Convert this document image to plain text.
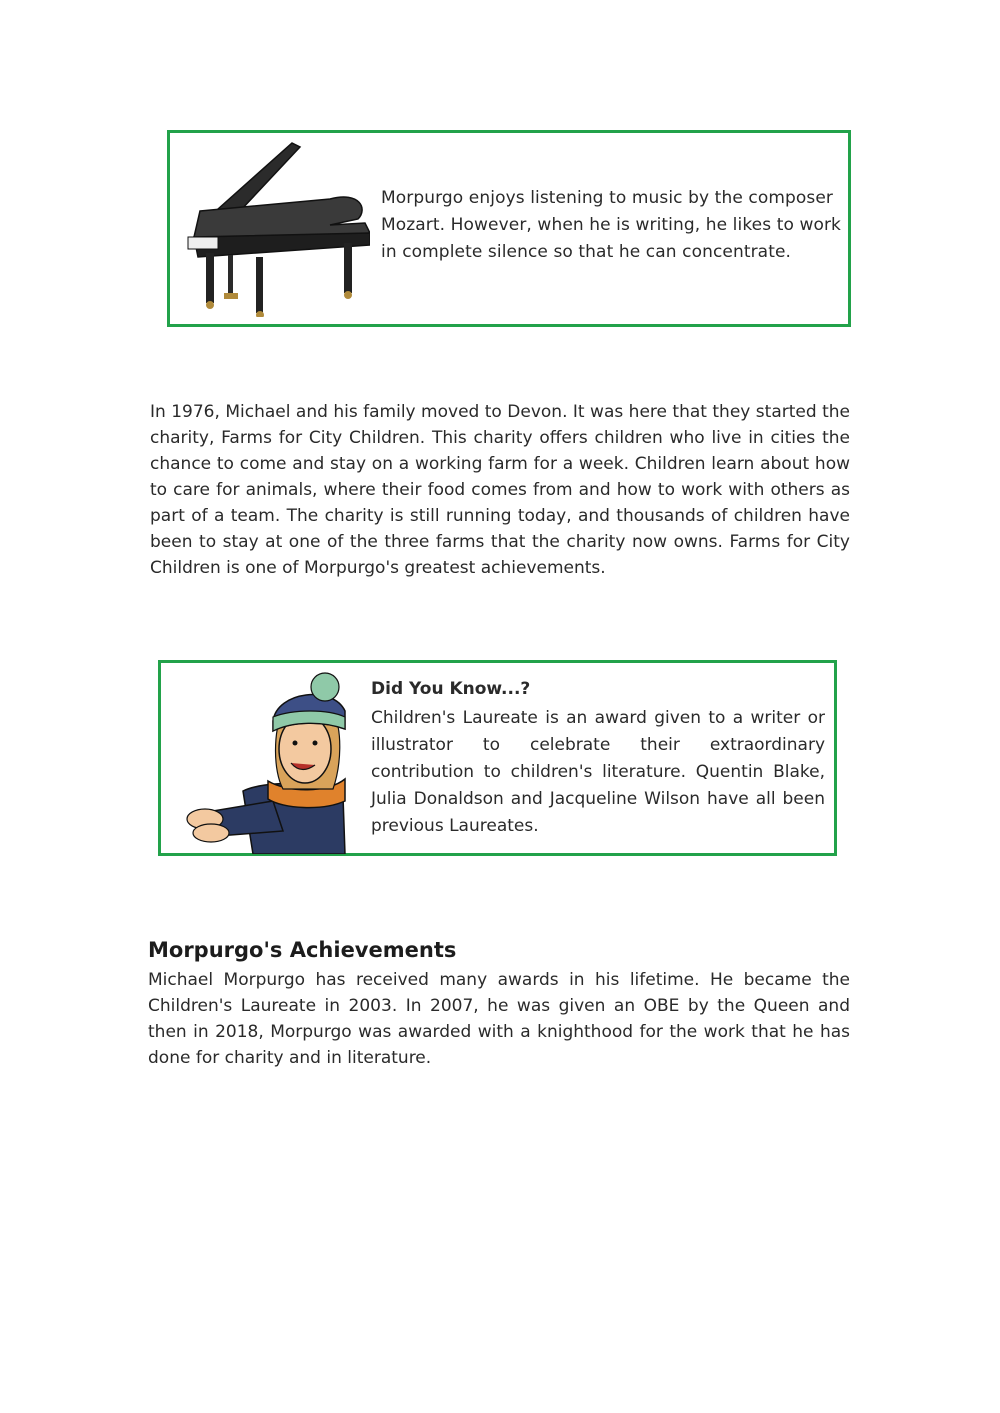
Morpurgo enjoys listening to music by the composer Mozart. However, when he is writing, he likes to work in complete silence so that he can concentrate.

In 1976, Michael and his family moved to Devon. It was here that they started the charity, Farms for City Children. This charity offers children who live in cities the chance to come and stay on a working farm for a week. Children learn about how to care for animals, where their food comes from and how to work with others as part of a team. The charity is still running today, and thousands of children have been to stay at one of the three farms that the charity now owns. Farms for City Children is one of Morpurgo's greatest achievements.

Did You Know...?

Children's Laureate is an award given to a writer or illustrator to celebrate their extraordinary contribution to children's literature. Quentin Blake, Julia Donaldson and Jacqueline Wilson have all been previous Laureates.

Morpurgo's Achievements

Michael Morpurgo has received many awards in his lifetime. He became the Children's Laureate in 2003. In 2007, he was given an OBE by the Queen and then in 2018, Morpurgo was awarded with a knighthood for the work that he has done for charity and in literature.
